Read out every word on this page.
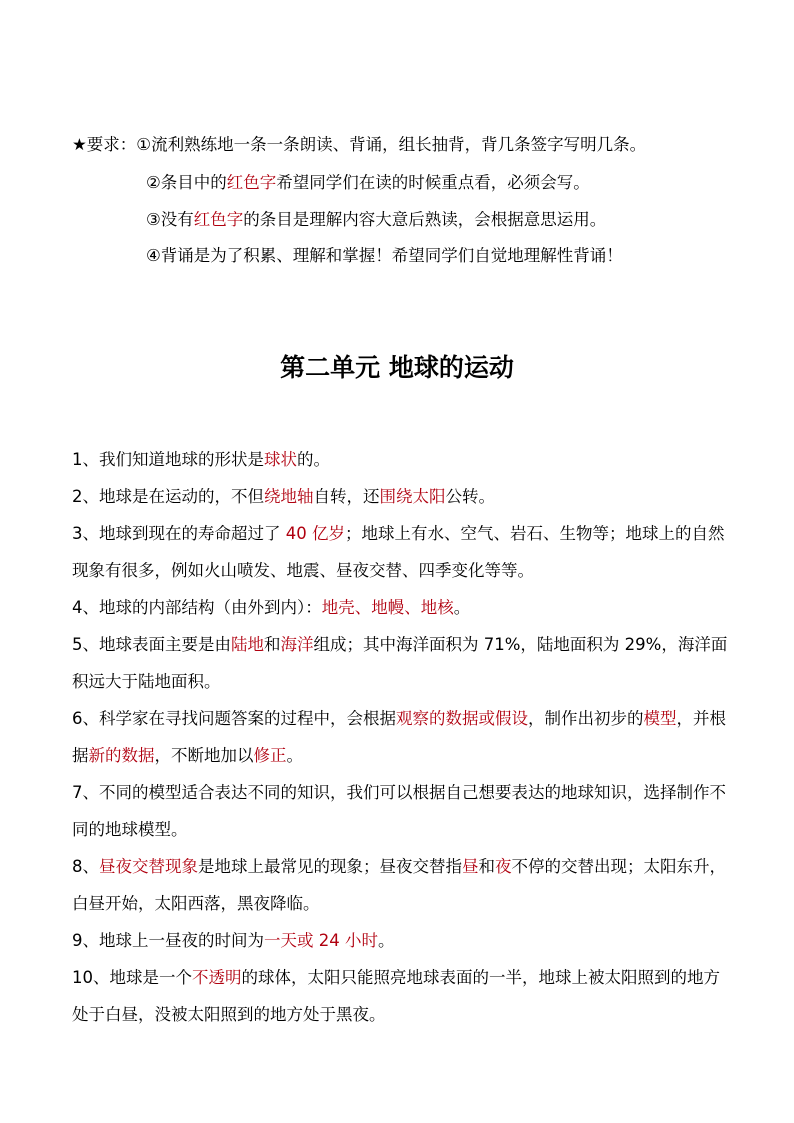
★要求：①流利熟练地一条一条朗读、背诵，组长抽背，背几条签字写明几条。
②条目中的红色字希望同学们在读的时候重点看，必须会写。
③没有红色字的条目是理解内容大意后熟读，会根据意思运用。
④背诵是为了积累、理解和掌握！希望同学们自觉地理解性背诵！
第二单元 地球的运动

1、我们知道地球的形状是球状的。

2、地球是在运动的，不但绕地轴自转，还围绕太阳公转。

3、地球到现在的寿命超过了 40 亿岁；地球上有水、空气、岩石、生物等；地球上的自然现象有很多，例如火山喷发、地震、昼夜交替、四季变化等等。

4、地球的内部结构（由外到内）：地壳、地幔、地核。

5、地球表面主要是由陆地和海洋组成；其中海洋面积为 71%，陆地面积为 29%，海洋面积远大于陆地面积。

6、科学家在寻找问题答案的过程中，会根据观察的数据或假设，制作出初步的模型，并根据新的数据，不断地加以修正。

7、不同的模型适合表达不同的知识，我们可以根据自己想要表达的地球知识，选择制作不同的地球模型。

8、昼夜交替现象是地球上最常见的现象；昼夜交替指昼和夜不停的交替出现；太阳东升，白昼开始，太阳西落，黑夜降临。

9、地球上一昼夜的时间为一天或 24 小时。

10、地球是一个不透明的球体，太阳只能照亮地球表面的一半，地球上被太阳照到的地方处于白昼，没被太阳照到的地方处于黑夜。
